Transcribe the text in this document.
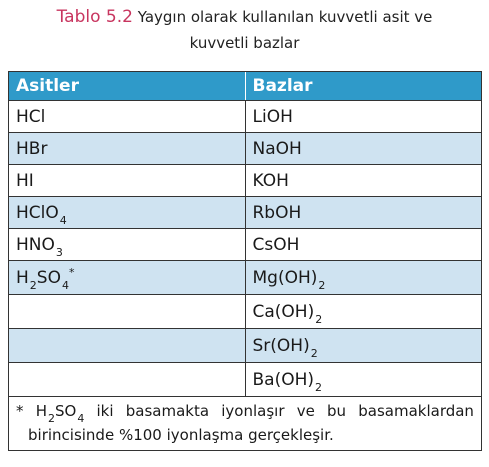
Tablo 5.2 Yaygın olarak kullanılan kuvvetli asit ve
kuvvetli bazlar
Asitler	Bazlar
HCl	LiOH
HBr	NaOH
HI	KOH
HClO$_4$	RbOH
$HNO_3$	CsOH
$H_2SO_4^*$	$Mg(OH)_2$
	$Ca(OH)_2$
	$Sr(OH)_2$
	$Ba(OH)_2$
* $H_2SO_4$ iki basamakta iyonlaşır ve bu basamaklardan
birincisinde %100 iyonlaşma gerçekleşir.
